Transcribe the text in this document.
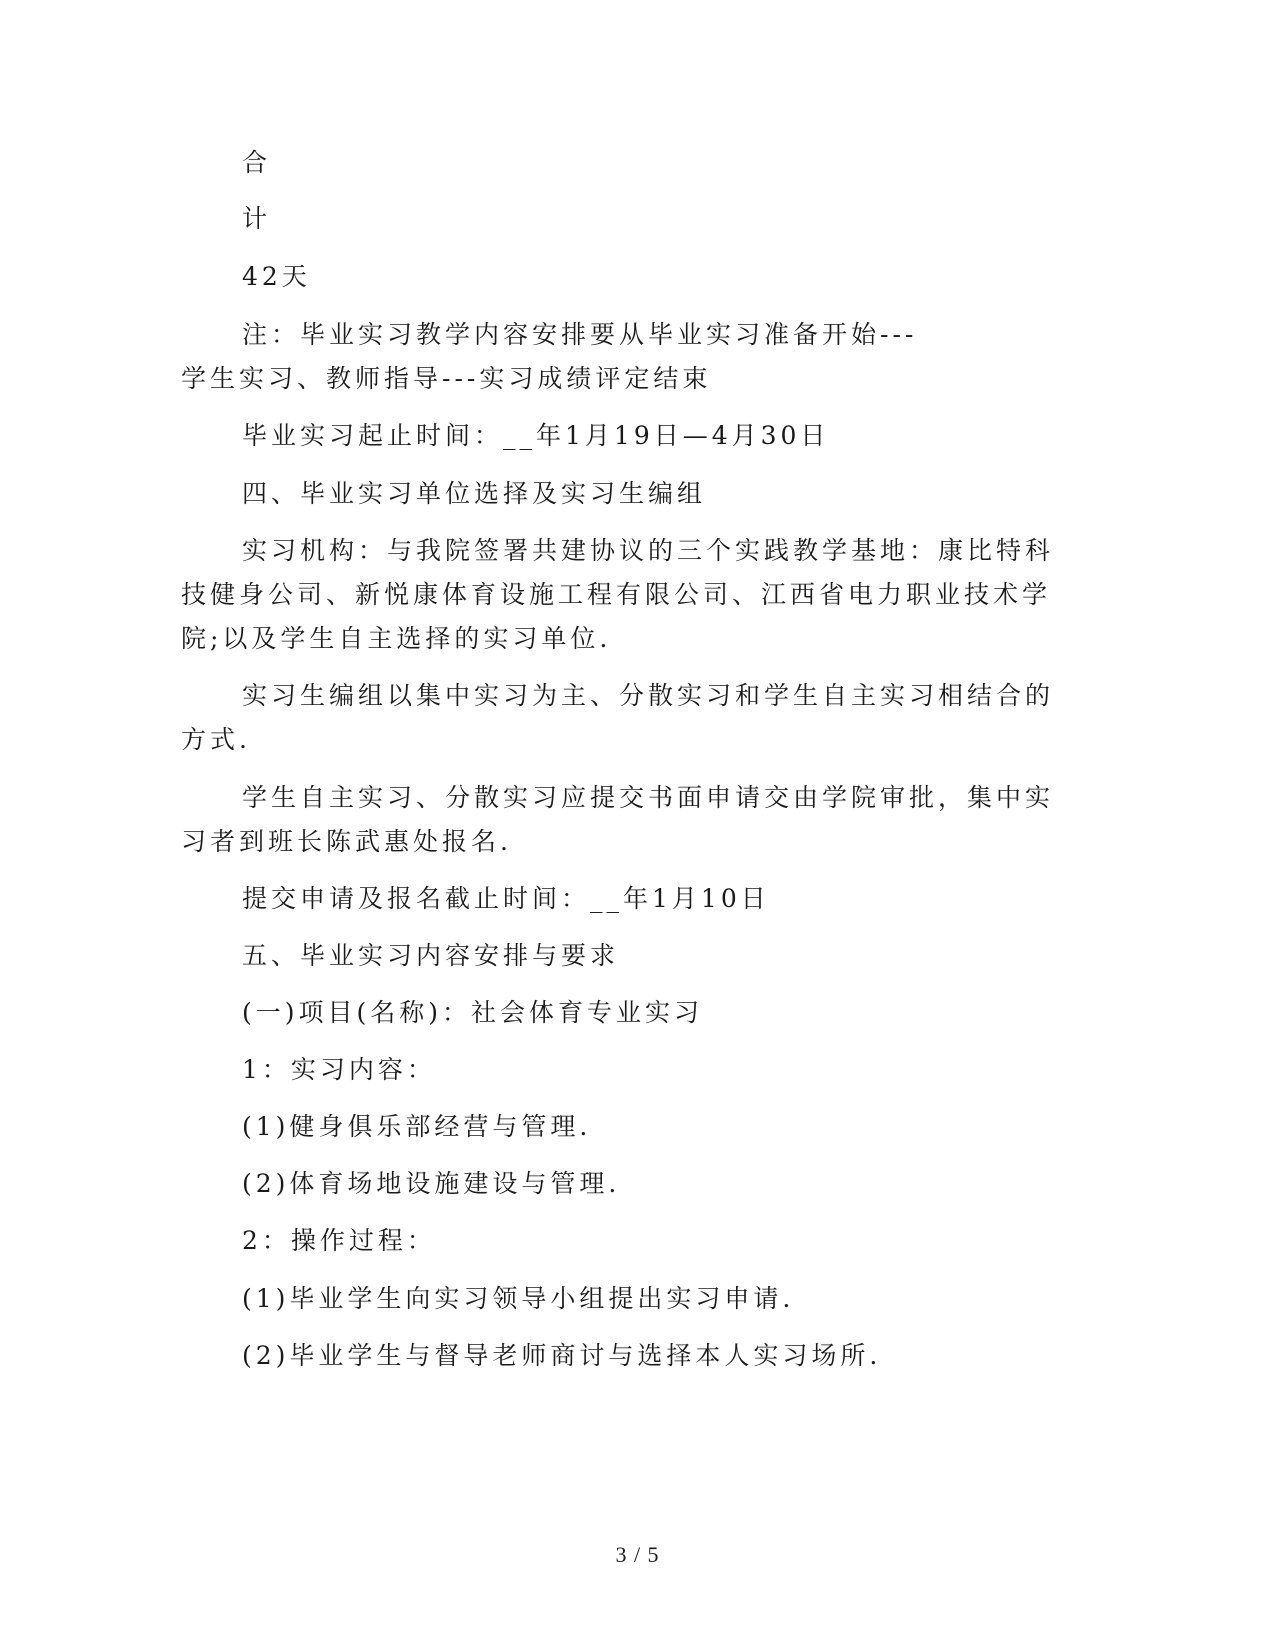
合
计
42天
注：毕业实习教学内容安排要从毕业实习准备开始---
学生实习、教师指导---实习成绩评定结束
毕业实习起止时间：__年1月19日—4月30日
四、毕业实习单位选择及实习生编组
实习机构：与我院签署共建协议的三个实践教学基地：康比特科
技健身公司、新悦康体育设施工程有限公司、江西省电力职业技术学
院;以及学生自主选择的实习单位.
实习生编组以集中实习为主、分散实习和学生自主实习相结合的
方式.
学生自主实习、分散实习应提交书面申请交由学院审批，集中实
习者到班长陈武惠处报名.
提交申请及报名截止时间：__年1月10日
五、毕业实习内容安排与要求
(一)项目(名称)：社会体育专业实习
1：实习内容：
(1)健身俱乐部经营与管理.
(2)体育场地设施建设与管理.
2：操作过程：
(1)毕业学生向实习领导小组提出实习申请.
(2)毕业学生与督导老师商讨与选择本人实习场所.
3 / 5
